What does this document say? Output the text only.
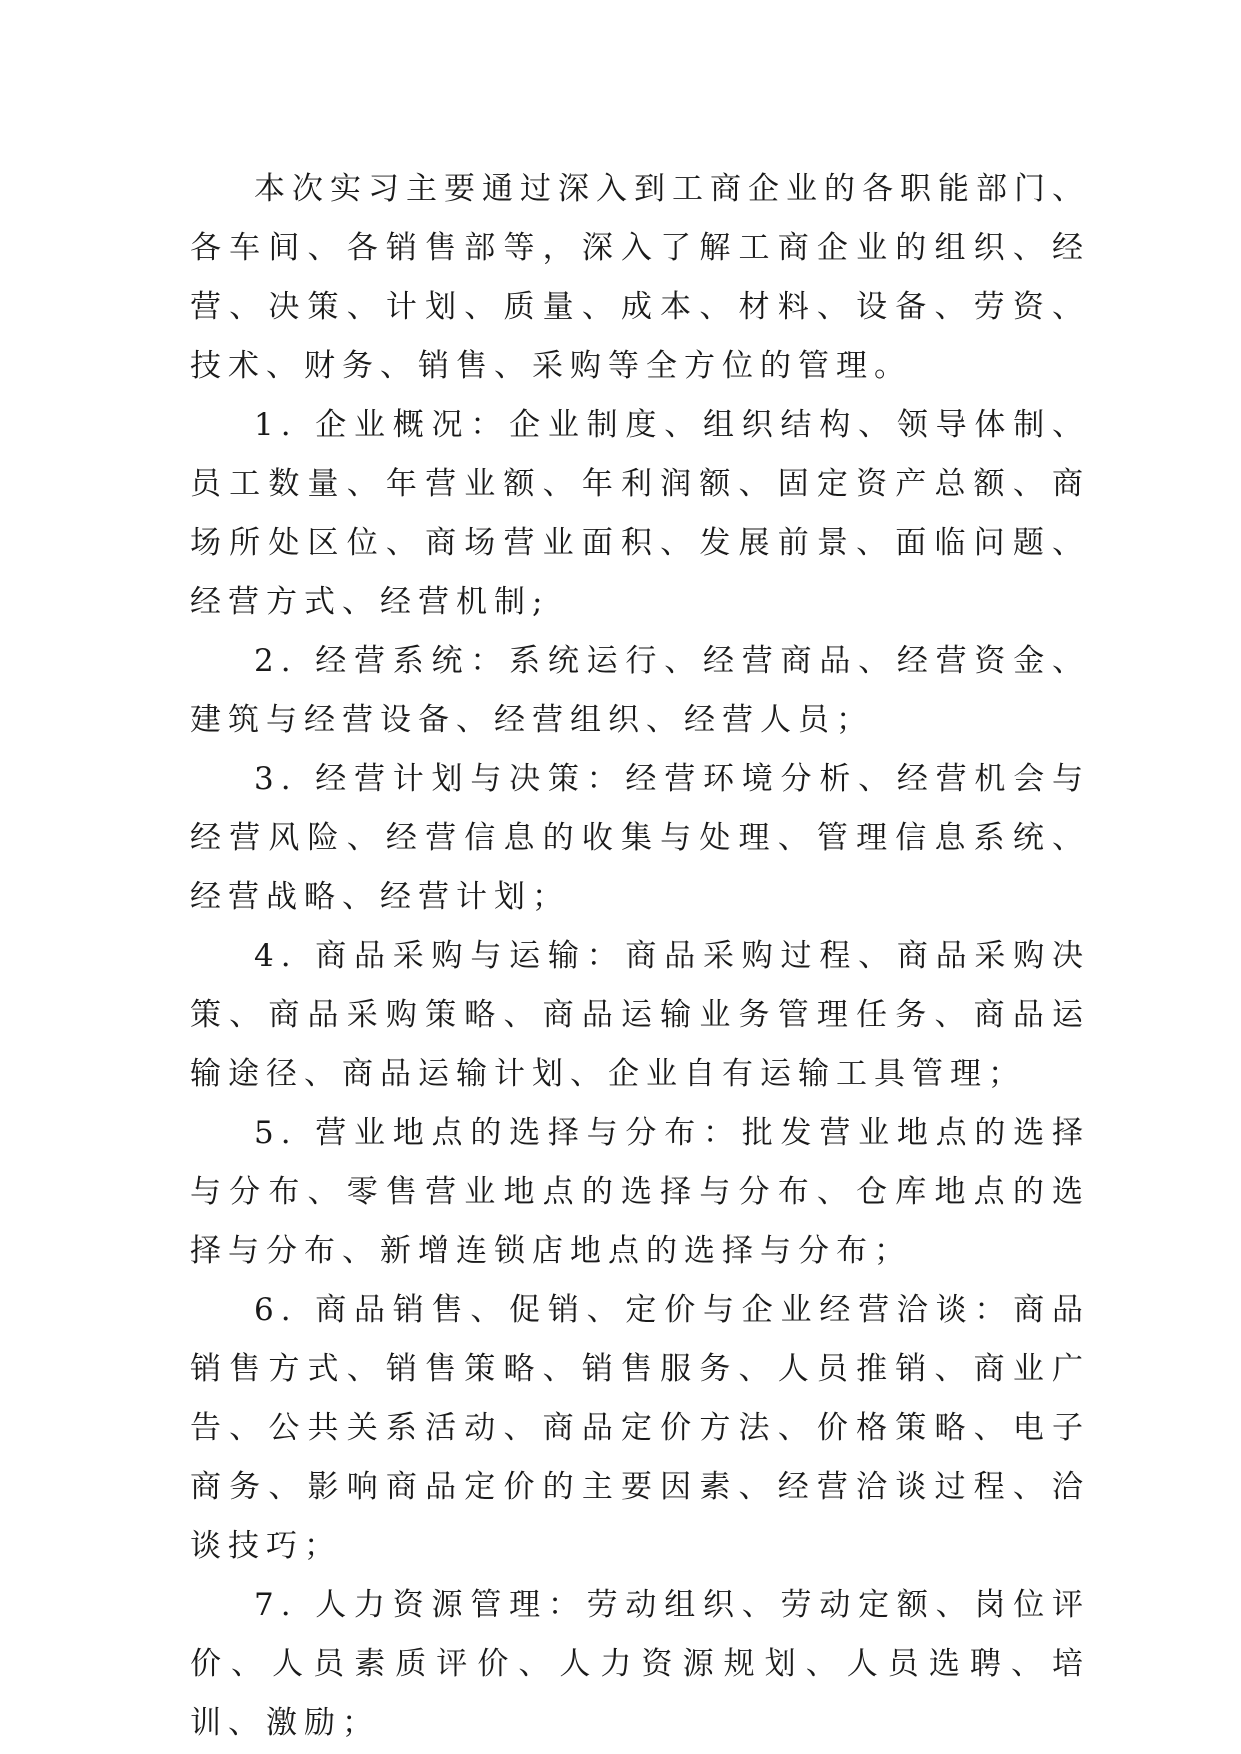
本次实习主要通过深入到工商企业的各职能部门、各车间、各销售部等，深入了解工商企业的组织、经营、决策、计划、质量、成本、材料、设备、劳资、技术、财务、销售、采购等全方位的管理。

1. 企业概况：企业制度、组织结构、领导体制、员工数量、年营业额、年利润额、固定资产总额、商场所处区位、商场营业面积、发展前景、面临问题、经营方式、经营机制;

2. 经营系统：系统运行、经营商品、经营资金、建筑与经营设备、经营组织、经营人员；

3. 经营计划与决策：经营环境分析、经营机会与经营风险、经营信息的收集与处理、管理信息系统、经营战略、经营计划；

4. 商品采购与运输：商品采购过程、商品采购决策、商品采购策略、商品运输业务管理任务、商品运输途径、商品运输计划、企业自有运输工具管理；

5. 营业地点的选择与分布：批发营业地点的选择与分布、零售营业地点的选择与分布、仓库地点的选择与分布、新增连锁店地点的选择与分布；

6. 商品销售、促销、定价与企业经营洽谈：商品销售方式、销售策略、销售服务、人员推销、商业广告、公共关系活动、商品定价方法、价格策略、电子商务、影响商品定价的主要因素、经营洽谈过程、洽谈技巧；

7. 人力资源管理：劳动组织、劳动定额、岗位评价、人员素质评价、人力资源规划、人员选聘、培训、激励；
